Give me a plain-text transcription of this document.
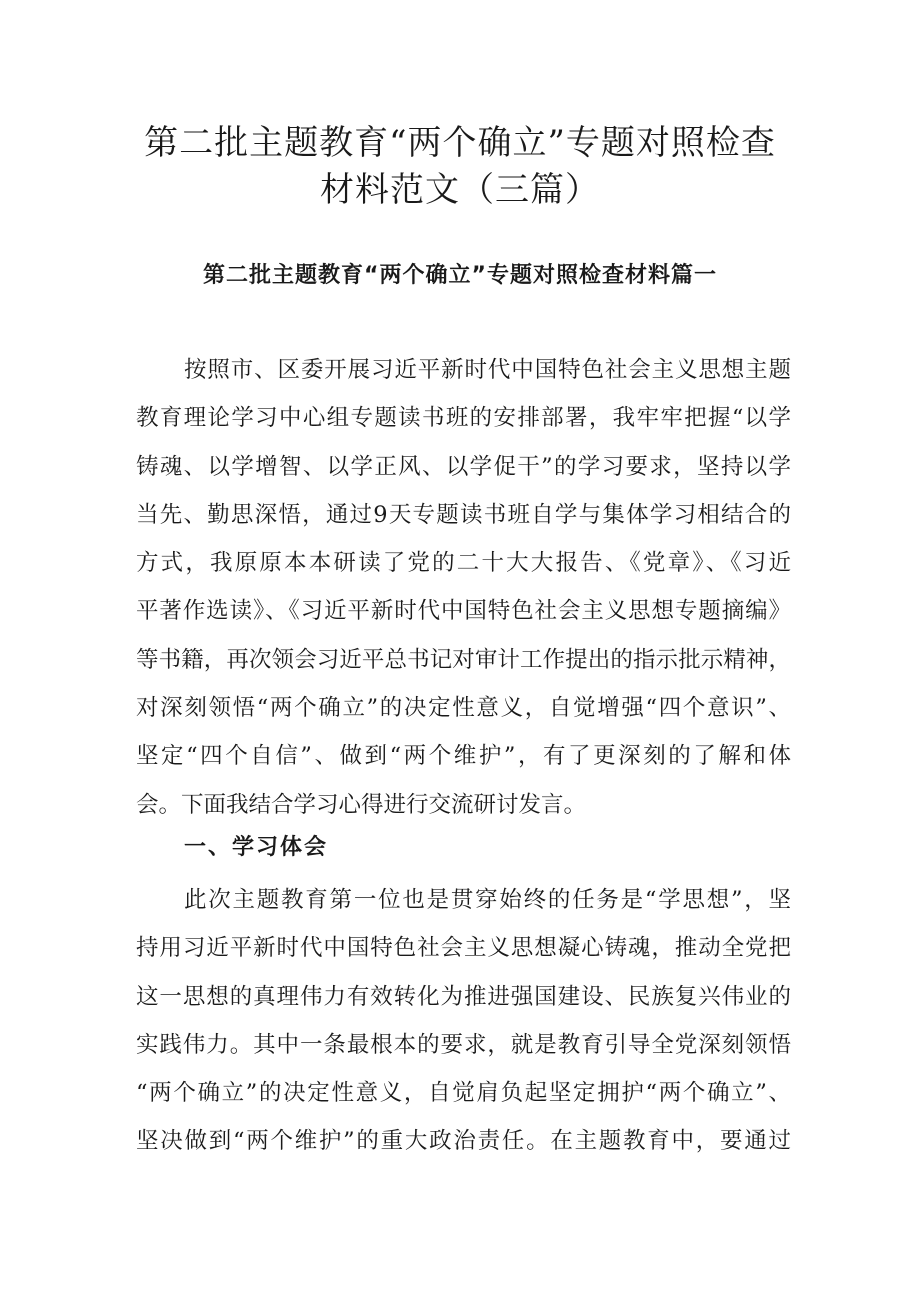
第二批主题教育“两个确立”专题对照检查
材料范文（三篇）
第二批主题教育“两个确立”专题对照检查材料篇一
按照市、区委开展习近平新时代中国特色社会主义思想主题
教育理论学习中心组专题读书班的安排部署，我牢牢把握“以学
铸魂、以学增智、以学正风、以学促干”的学习要求，坚持以学
当先、勤思深悟，通过9天专题读书班自学与集体学习相结合的
方式，我原原本本研读了党的二十大大报告、《党章》、《习近
平著作选读》、《习近平新时代中国特色社会主义思想专题摘编》
等书籍，再次领会习近平总书记对审计工作提出的指示批示精神，
对深刻领悟“两个确立”的决定性意义，自觉增强“四个意识”、
坚定“四个自信”、做到“两个维护”，有了更深刻的了解和体
会。下面我结合学习心得进行交流研讨发言。
一、学习体会
此次主题教育第一位也是贯穿始终的任务是“学思想”，坚
持用习近平新时代中国特色社会主义思想凝心铸魂，推动全党把
这一思想的真理伟力有效转化为推进强国建设、民族复兴伟业的
实践伟力。其中一条最根本的要求，就是教育引导全党深刻领悟
“两个确立”的决定性意义，自觉肩负起坚定拥护“两个确立”、
坚决做到“两个维护”的重大政治责任。在主题教育中，要通过
